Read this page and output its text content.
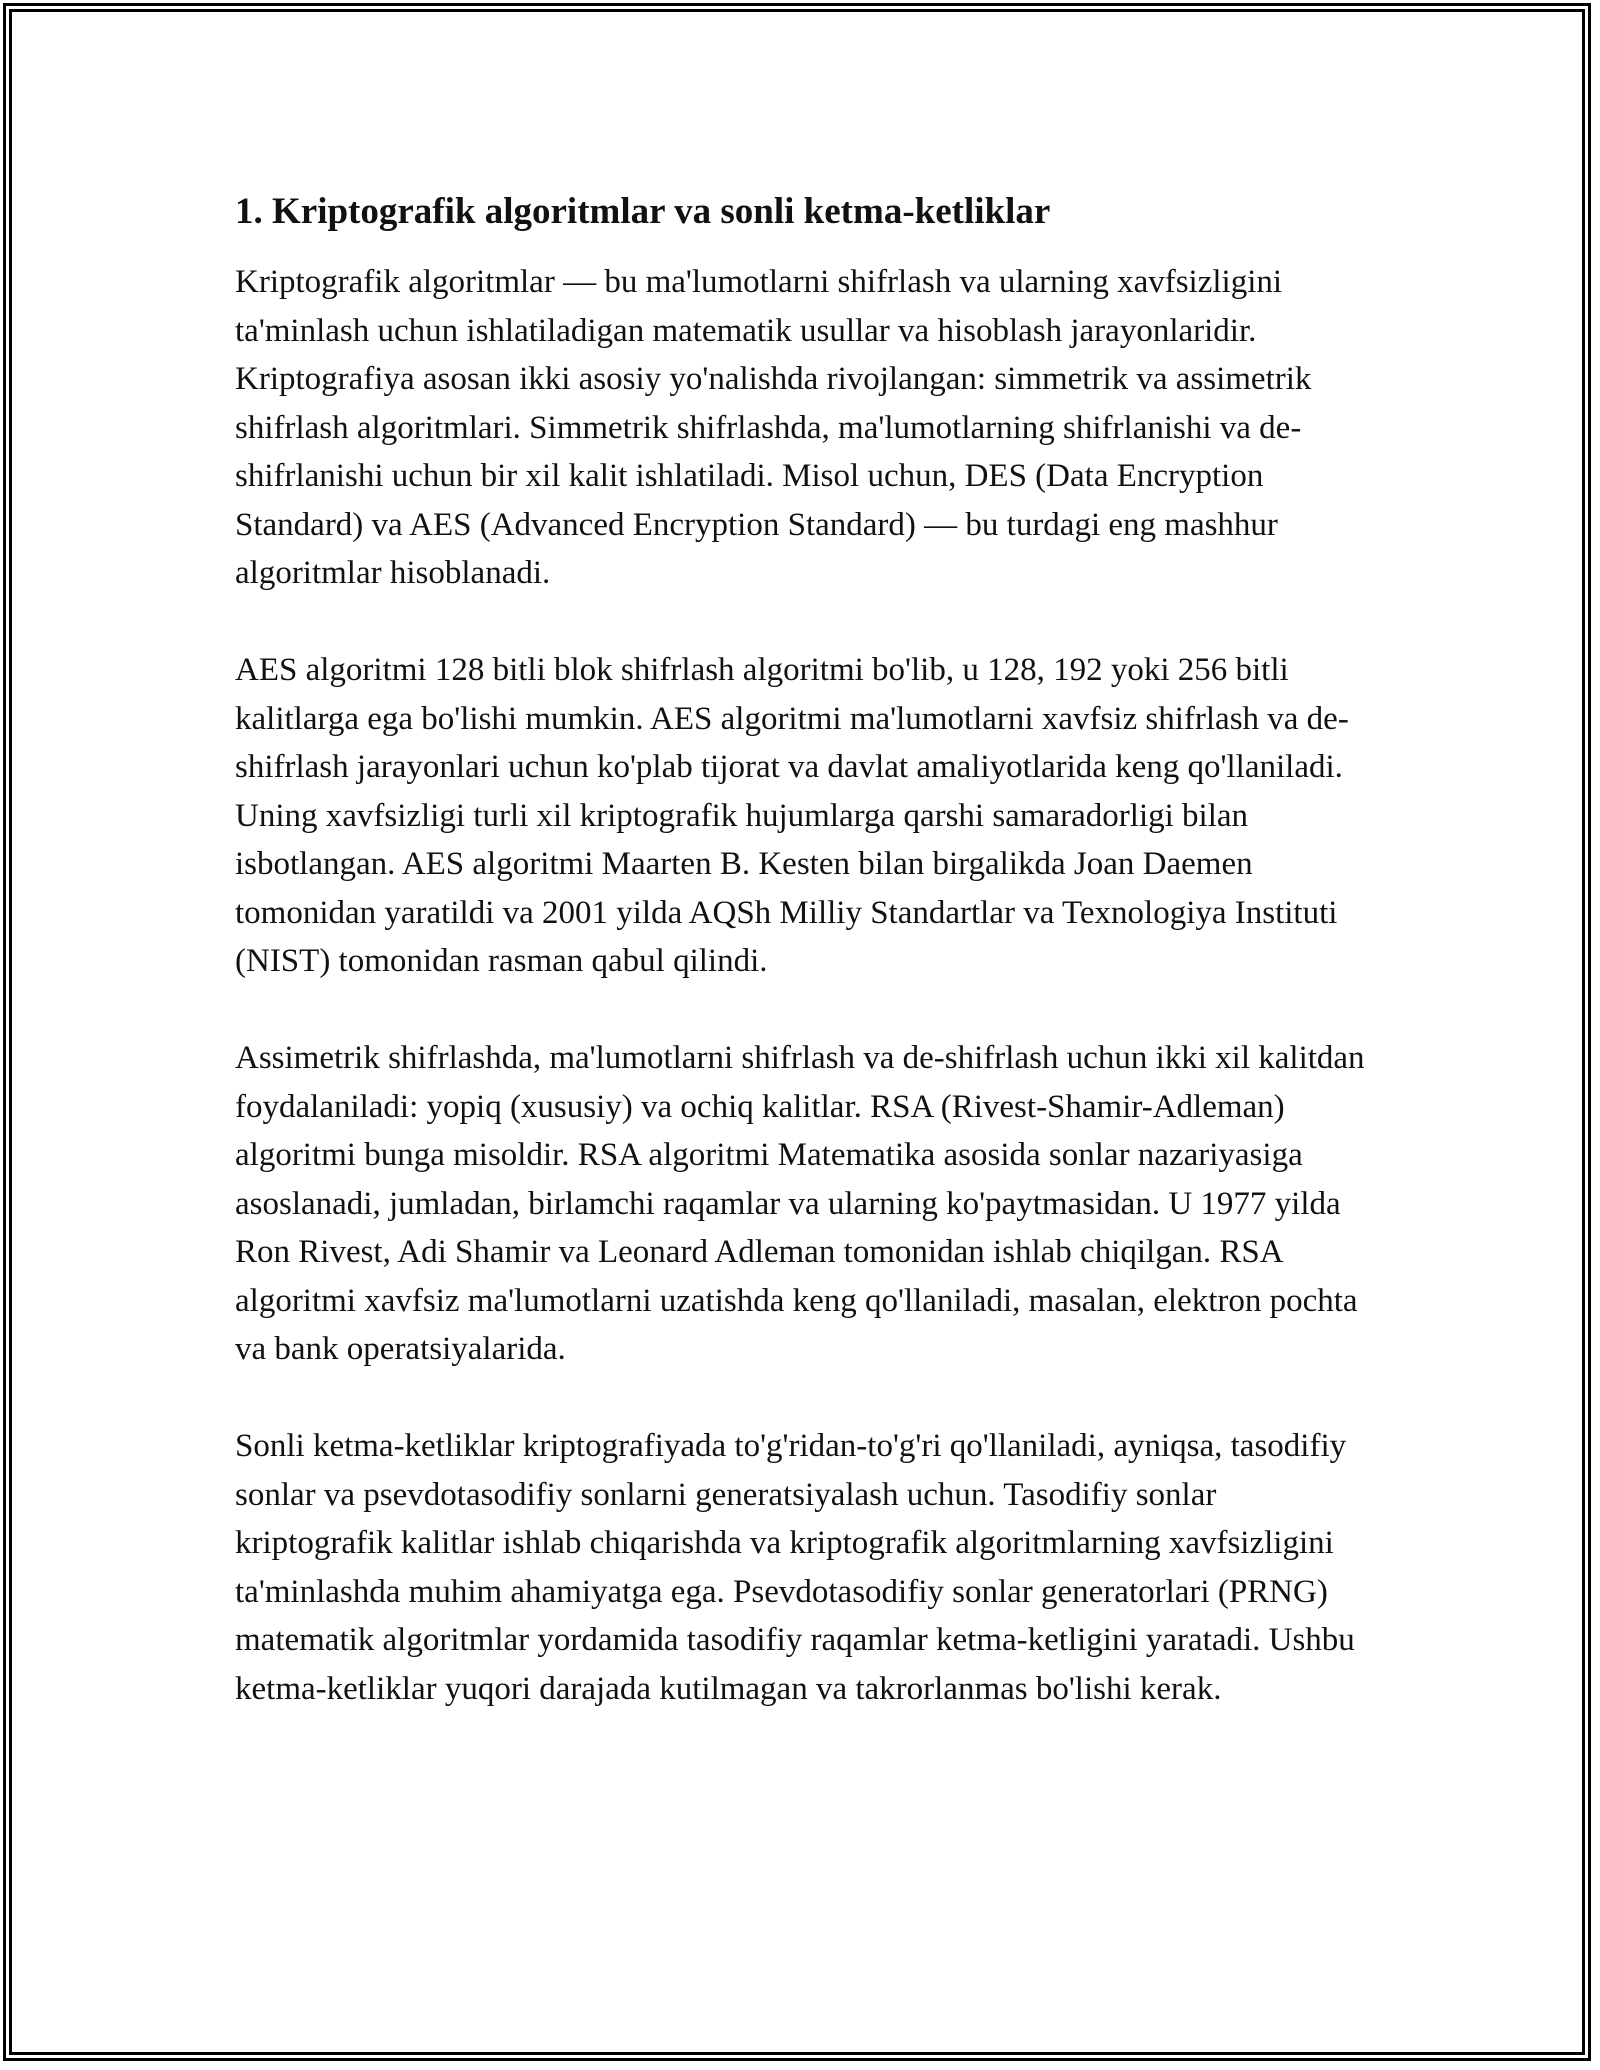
1. Kriptografik algoritmlar va sonli ketma-ketliklar

Kriptografik algoritmlar — bu ma'lumotlarni shifrlash va ularning xavfsizligini ta'minlash uchun ishlatiladigan matematik usullar va hisoblash jarayonlaridir. Kriptografiya asosan ikki asosiy yo'nalishda rivojlangan: simmetrik va assimetrik shifrlash algoritmlari. Simmetrik shifrlashda, ma'lumotlarning shifrlanishi va de-shifrlanishi uchun bir xil kalit ishlatiladi. Misol uchun, DES (Data Encryption Standard) va AES (Advanced Encryption Standard) — bu turdagi eng mashhur algoritmlar hisoblanadi.

AES algoritmi 128 bitli blok shifrlash algoritmi bo'lib, u 128, 192 yoki 256 bitli kalitlarga ega bo'lishi mumkin. AES algoritmi ma'lumotlarni xavfsiz shifrlash va de-shifrlash jarayonlari uchun ko'plab tijorat va davlat amaliyotlarida keng qo'llaniladi. Uning xavfsizligi turli xil kriptografik hujumlarga qarshi samaradorligi bilan isbotlangan. AES algoritmi Maarten B. Kesten bilan birgalikda Joan Daemen tomonidan yaratildi va 2001 yilda AQSh Milliy Standartlar va Texnologiya Instituti (NIST) tomonidan rasman qabul qilindi.

Assimetrik shifrlashda, ma'lumotlarni shifrlash va de-shifrlash uchun ikki xil kalitdan foydalaniladi: yopiq (xususiy) va ochiq kalitlar. RSA (Rivest-Shamir-Adleman) algoritmi bunga misoldir. RSA algoritmi Matematika asosida sonlar nazariyasiga asoslanadi, jumladan, birlamchi raqamlar va ularning ko'paytmasidan. U 1977 yilda Ron Rivest, Adi Shamir va Leonard Adleman tomonidan ishlab chiqilgan. RSA algoritmi xavfsiz ma'lumotlarni uzatishda keng qo'llaniladi, masalan, elektron pochta va bank operatsiyalarida.

Sonli ketma-ketliklar kriptografiyada to'g'ridan-to'g'ri qo'llaniladi, ayniqsa, tasodifiy sonlar va psevdotasodifiy sonlarni generatsiyalash uchun. Tasodifiy sonlar kriptografik kalitlar ishlab chiqarishda va kriptografik algoritmlarning xavfsizligini ta'minlashda muhim ahamiyatga ega. Psevdotasodifiy sonlar generatorlari (PRNG) matematik algoritmlar yordamida tasodifiy raqamlar ketma-ketligini yaratadi. Ushbu ketma-ketliklar yuqori darajada kutilmagan va takrorlanmas bo'lishi kerak.
